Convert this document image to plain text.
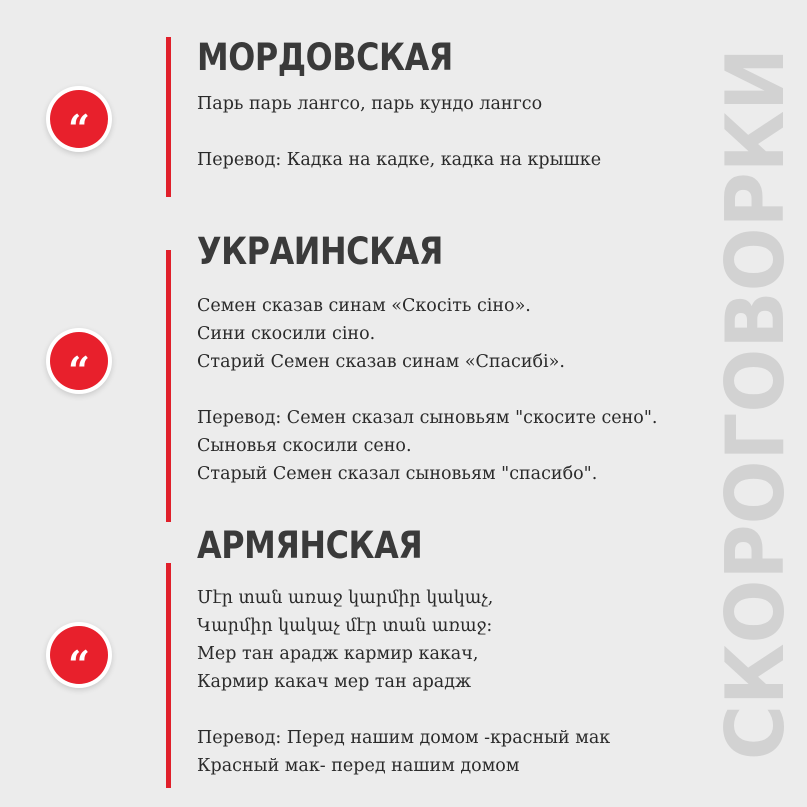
СКОРОГОВОРКИ
“
МОРДОВСКАЯ
Парь парь лангсо, парь кундо лангсо

Перевод: Кадка на кадке, кадка на крышке
“
УКРАИНСКАЯ
Семен сказав синам «Скосіть сіно».
Сини скосили сіно.
Старий Семен сказав синам «Спасибі».

Перевод: Семен сказал сыновьям "скосите сено".
Сыновья скосили сено.
Старый Семен сказал сыновьям "спасибо".
“
АРМЯНСКАЯ
Մէր տան առաջ կարմիր կակաչ,
Կարմիր կակաչ մէր տան առաջ:
Мер тан арадж кармир какач,
Кармир какач мер тан арадж

Перевод: Перед нашим домом -красный мак
Красный мак- перед нашим домом
